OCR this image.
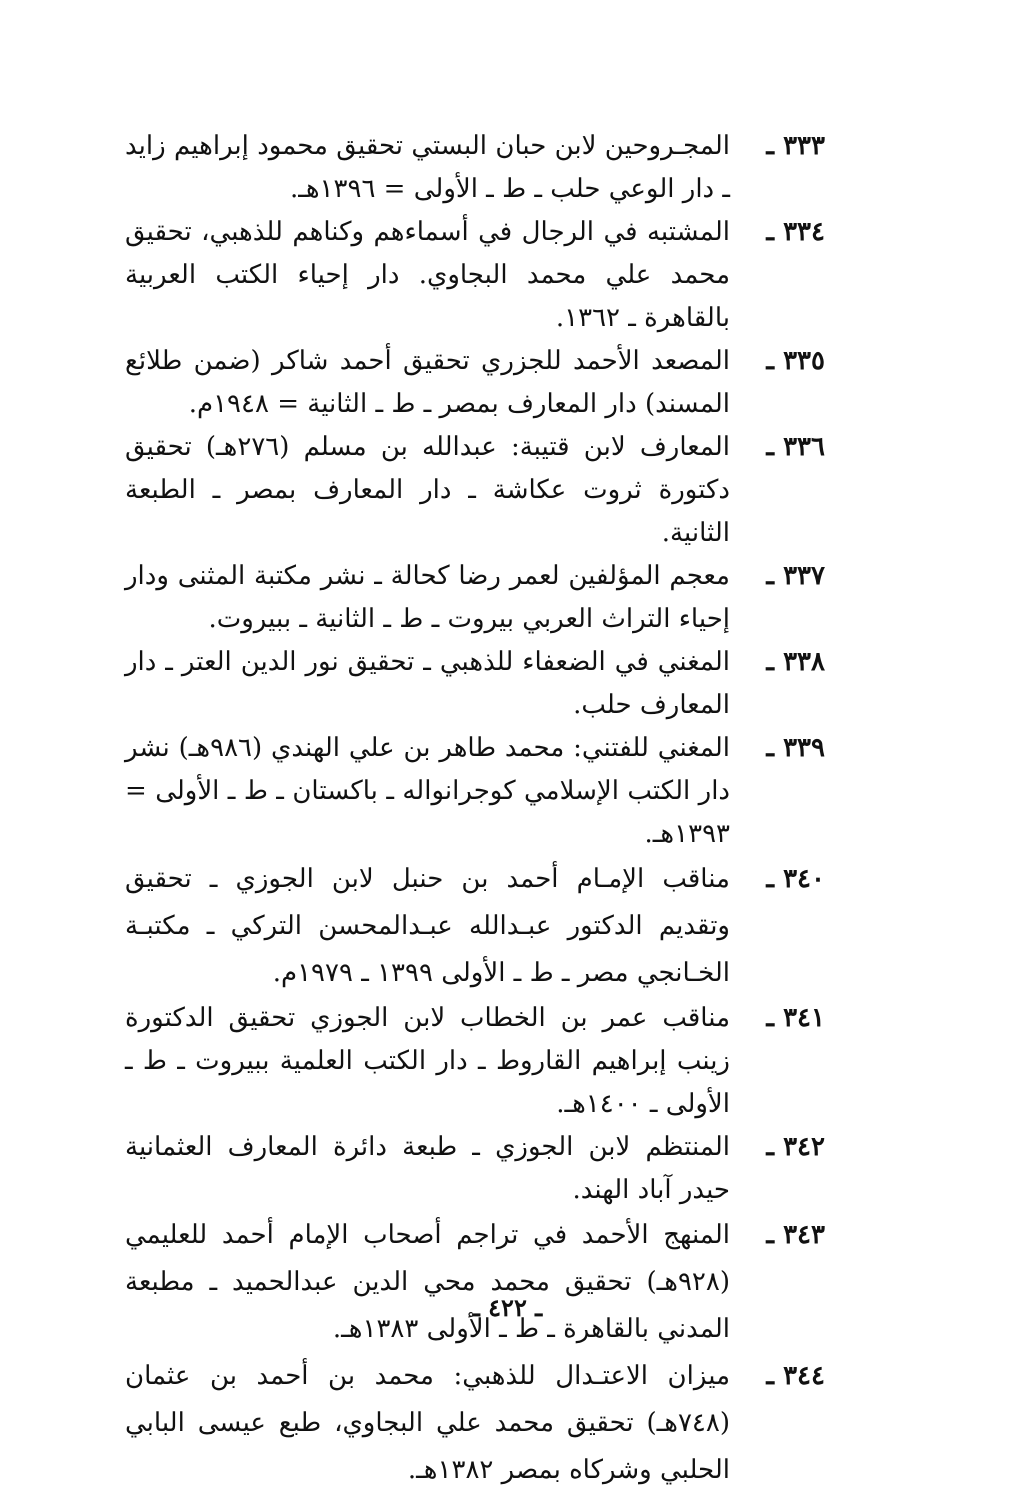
٣٣٣ ـ
المجـروحين لابن حبان البستي تحقيق محمود إبراهيم زايد ـ دار الوعي حلب ـ ط ـ الأولى = ١٣٩٦هـ.
٣٣٤ ـ
المشتبه في الرجال في أسماءهم وكناهم للذهبي، تحقيق محمد علي محمد البجاوي. دار إحياء الكتب العربية بالقاهرة ـ ١٣٦٢.
٣٣٥ ـ
المصعد الأحمد للجزري تحقيق أحمد شاكر (ضمن طلائع المسند) دار المعارف بمصر ـ ط ـ الثانية = ١٩٤٨م.
٣٣٦ ـ
المعارف لابن قتيبة: عبدالله بن مسلم (٢٧٦هـ) تحقيق دكتورة ثروت عكاشة ـ دار المعارف بمصر ـ الطبعة الثانية.
٣٣٧ ـ
معجم المؤلفين لعمر رضا كحالة ـ نشر مكتبة المثنى ودار إحياء التراث العربي بيروت ـ ط ـ الثانية ـ ببيروت.
٣٣٨ ـ
المغني في الضعفاء للذهبي ـ تحقيق نور الدين العتر ـ دار المعارف حلب.
٣٣٩ ـ
المغني للفتني: محمد طاهر بن علي الهندي (٩٨٦هـ) نشر دار الكتب الإسلامي كوجرانواله ـ باكستان ـ ط ـ الأولى = ١٣٩٣هـ.
٣٤٠ ـ
مناقب الإمـام أحمد بن حنبل لابن الجوزي ـ تحقيق وتقديم الدكتور عبـدالله عبـدالمحسن التركي ـ مكتبـة الخـانجي مصر ـ ط ـ الأولى ١٣٩٩ ـ ١٩٧٩م.
٣٤١ ـ
مناقب عمر بن الخطاب لابن الجوزي تحقيق الدكتورة زينب إبراهيم القاروط ـ دار الكتب العلمية ببيروت ـ ط ـ الأولى ـ ١٤٠٠هـ.
٣٤٢ ـ
المنتظم لابن الجوزي ـ طبعة دائرة المعارف العثمانية حيدر آباد الهند.
٣٤٣ ـ
المنهج الأحمد في تراجم أصحاب الإمام أحمد للعليمي (٩٢٨هـ) تحقيق محمد محي الدين عبدالحميد ـ مطبعة المدني بالقاهرة ـ ط ـ الأولى ١٣٨٣هـ.
٣٤٤ ـ
ميزان الاعتـدال للذهبي: محمد بن أحمد بن عثمان (٧٤٨هـ) تحقيق محمد علي البجاوي، طبع عيسى البابي الحلبي وشركاه بمصر ١٣٨٢هـ.
ـ ٤٢٢ ـ
